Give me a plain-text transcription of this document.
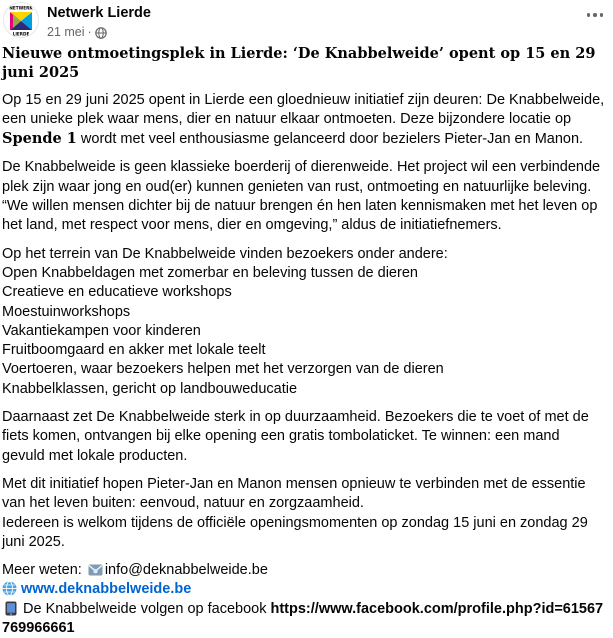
NETWERK
LIERDE
Netwerk Lierde
21 mei ·
Nieuwe ontmoetingsplek in Lierde: ‘De Knabbelweide’ opent op 15 en 29 juni 2025

Op 15 en 29 juni 2025 opent in Lierde een gloednieuw initiatief zijn deuren: De Knabbelweide, een unieke plek waar mens, dier en natuur elkaar ontmoeten. Deze bijzondere locatie op Spende 1 wordt met veel enthousiasme gelanceerd door bezielers Pieter-Jan en Manon.

De Knabbelweide is geen klassieke boerderij of dierenweide. Het project wil een verbindende plek zijn waar jong en oud(er) kunnen genieten van rust, ontmoeting en natuurlijke beleving. “We willen mensen dichter bij de natuur brengen én hen laten kennismaken met het leven op het land, met respect voor mens, dier en omgeving,” aldus de initiatiefnemers.

Op het terrein van De Knabbelweide vinden bezoekers onder andere:
Open Knabbeldagen met zomerbar en beleving tussen de dieren
Creatieve en educatieve workshops
Moestuinworkshops
Vakantiekampen voor kinderen
Fruitboomgaard en akker met lokale teelt
Voertoeren, waar bezoekers helpen met het verzorgen van de dieren
Knabbelklassen, gericht op landbouweducatie

Daarnaast zet De Knabbelweide sterk in op duurzaamheid. Bezoekers die te voet of met de fiets komen, ontvangen bij elke opening een gratis tombolaticket. Te winnen: een mand gevuld met lokale producten.

Met dit initiatief hopen Pieter-Jan en Manon mensen opnieuw te verbinden met de essentie van het leven buiten: eenvoud, natuur en zorgzaamheid.
Iedereen is welkom tijdens de officiële openingsmomenten op zondag 15 juni en zondag 29 juni 2025.

Meer weten: info@deknabbelweide.be
www.deknabbelweide.be
De Knabbelweide volgen op facebook https://www.facebook.com/profile.php?id=61567769966661
